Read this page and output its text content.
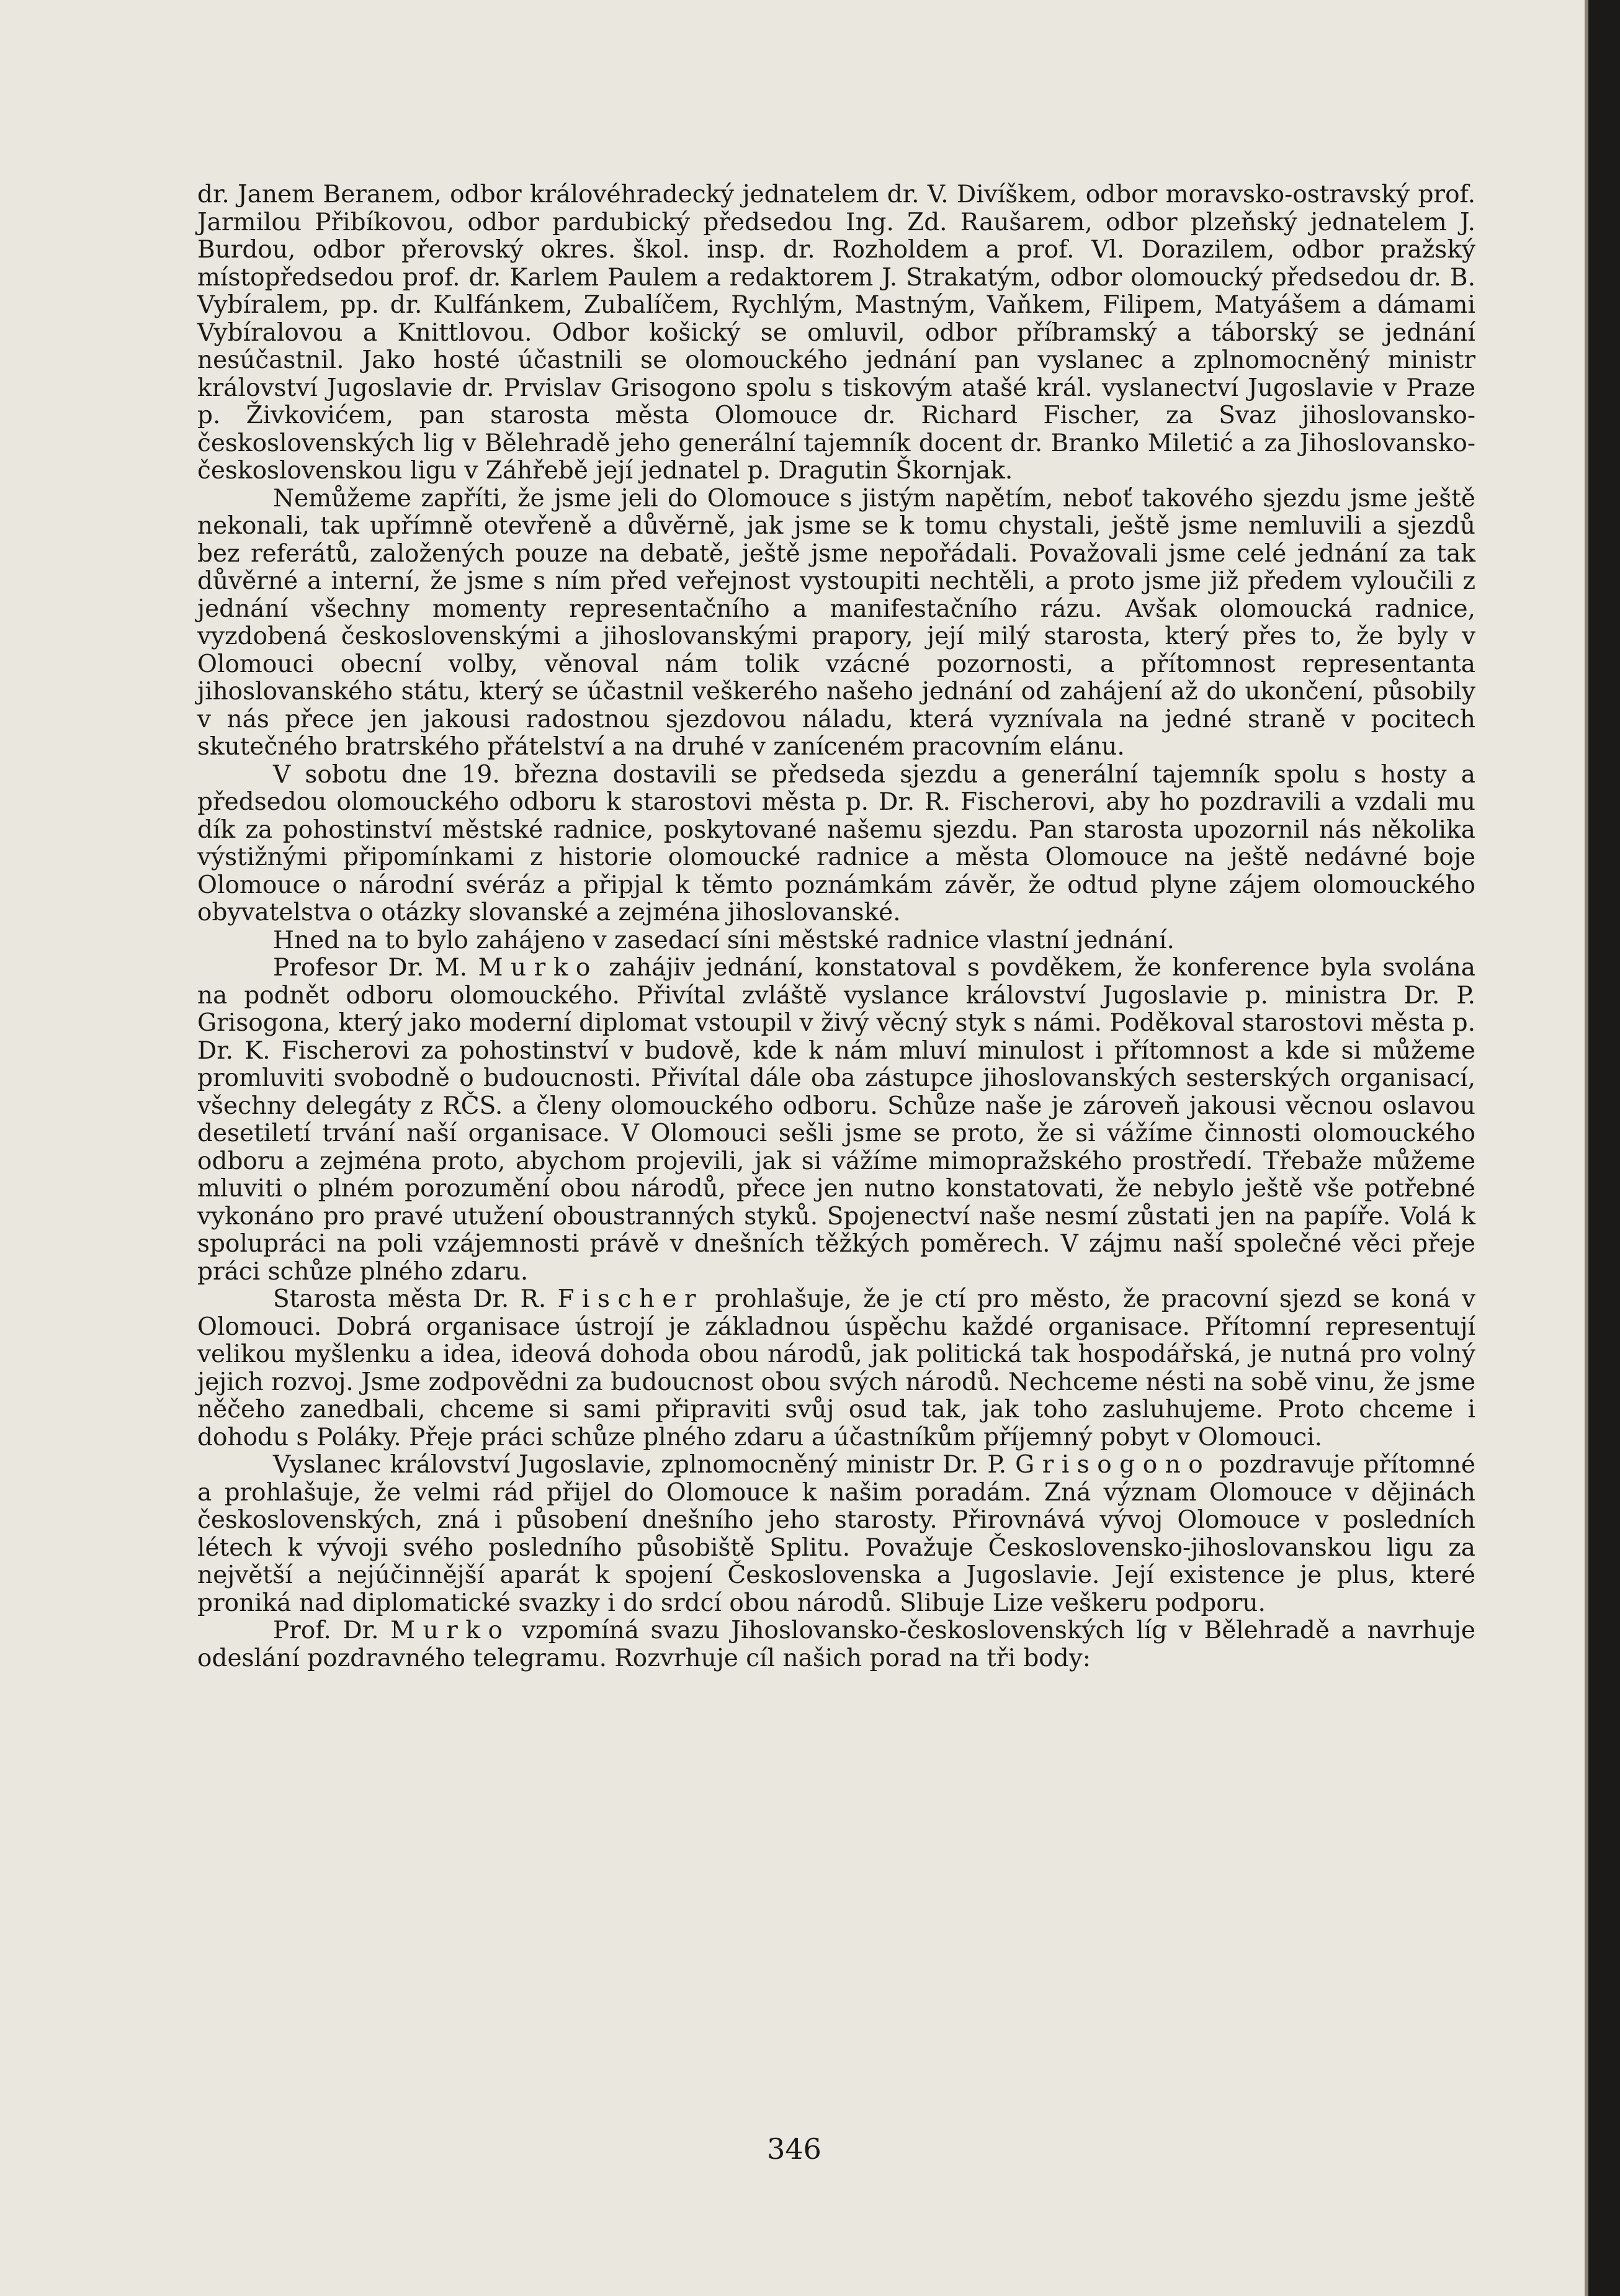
dr. Janem Beranem, odbor královéhradecký jednatelem dr. V. Divíškem, odbor moravsko-ostravský prof. Jarmilou Přibíkovou, odbor pardubický předsedou Ing. Zd. Raušarem, odbor plzeňský jednatelem J. Burdou, odbor přerovský okres. škol. insp. dr. Rozholdem a prof. Vl. Dorazilem, odbor pražský místopředsedou prof. dr. Karlem Paulem a redaktorem J. Strakatým, odbor olomoucký předsedou dr. B. Vybíralem, pp. dr. Kulfánkem, Zubalíčem, Rychlým, Mastným, Vaňkem, Filipem, Matyášem a dámami Vybíralovou a Knittlovou. Odbor košický se omluvil, odbor příbramský a táborský se jednání nesúčastnil. Jako hosté účastnili se olomouckého jednání pan vyslanec a zplnomocněný ministr království Jugoslavie dr. Prvislav Grisogono spolu s tiskovým atašé král. vyslanectví Jugoslavie v Praze p. Živkovićem, pan starosta města Olomouce dr. Richard Fischer, za Svaz jihoslovansko-československých lig v Bělehradě jeho generální tajemník docent dr. Branko Miletić a za Jihoslovansko-československou ligu v Záhřebě její jednatel p. Dragutin Škornjak.

Nemůžeme zapříti, že jsme jeli do Olomouce s jistým napětím, neboť takového sjezdu jsme ještě nekonali, tak upřímně otevřeně a důvěrně, jak jsme se k tomu chystali, ještě jsme nemluvili a sjezdů bez referátů, založených pouze na debatě, ještě jsme nepořádali. Považovali jsme celé jednání za tak důvěrné a interní, že jsme s ním před veřejnost vystoupiti nechtěli, a proto jsme již předem vyloučili z jednání všechny momenty representačního a manifestačního rázu. Avšak olomoucká radnice, vyzdobená československými a jihoslovanskými prapory, její milý starosta, který přes to, že byly v Olomouci obecní volby, věnoval nám tolik vzácné pozornosti, a přítomnost representanta jihoslovanského státu, který se účastnil veškerého našeho jednání od zahájení až do ukončení, působily v nás přece jen jakousi radostnou sjezdovou náladu, která vyznívala na jedné straně v pocitech skutečného bratrského přátelství a na druhé v zaníceném pracovním elánu.

V sobotu dne 19. března dostavili se předseda sjezdu a generální tajemník spolu s hosty a předsedou olomouckého odboru k starostovi města p. Dr. R. Fischerovi, aby ho pozdravili a vzdali mu dík za pohostinství městské radnice, poskytované našemu sjezdu. Pan starosta upozornil nás několika výstižnými připomínkami z historie olomoucké radnice a města Olomouce na ještě nedávné boje Olomouce o národní svéráz a připjal k těmto poznámkám závěr, že odtud plyne zájem olomouckého obyvatelstva o otázky slovanské a zejména jihoslovanské.

Hned na to bylo zahájeno v zasedací síni městské radnice vlastní jednání.

Profesor Dr. M. Murko zahájiv jednání, konstatoval s povděkem, že konference byla svolána na podnět odboru olomouckého. Přivítal zvláště vyslance království Jugoslavie p. ministra Dr. P. Grisogona, který jako moderní diplomat vstoupil v živý věcný styk s námi. Poděkoval starostovi města p. Dr. K. Fischerovi za pohostinství v budově, kde k nám mluví minulost i přítomnost a kde si můžeme promluviti svobodně o budoucnosti. Přivítal dále oba zástupce jihoslovanských sesterských organisací, všechny delegáty z RČS. a členy olomouckého odboru. Schůze naše je zároveň jakousi věcnou oslavou desetiletí trvání naší organisace. V Olomouci sešli jsme se proto, že si vážíme činnosti olomouckého odboru a zejména proto, abychom projevili, jak si vážíme mimopražského prostředí. Třebaže můžeme mluviti o plném porozumění obou národů, přece jen nutno konstatovati, že nebylo ještě vše potřebné vykonáno pro pravé utužení oboustranných styků. Spojenectví naše nesmí zůstati jen na papíře. Volá k spolupráci na poli vzájemnosti právě v dnešních těžkých poměrech. V zájmu naší společné věci přeje práci schůze plného zdaru.

Starosta města Dr. R. Fischer prohlašuje, že je ctí pro město, že pracovní sjezd se koná v Olomouci. Dobrá organisace ústrojí je základnou úspěchu každé organisace. Přítomní representují velikou myšlenku a idea, ideová dohoda obou národů, jak politická tak hospodářská, je nutná pro volný jejich rozvoj. Jsme zodpovědni za budoucnost obou svých národů. Nechceme nésti na sobě vinu, že jsme něčeho zanedbali, chceme si sami připraviti svůj osud tak, jak toho zasluhujeme. Proto chceme i dohodu s Poláky. Přeje práci schůze plného zdaru a účastníkům příjemný pobyt v Olomouci.

Vyslanec království Jugoslavie, zplnomocněný ministr Dr. P. Grisogono pozdravuje přítomné a prohlašuje, že velmi rád přijel do Olomouce k našim poradám. Zná význam Olomouce v dějinách československých, zná i působení dnešního jeho starosty. Přirovnává vývoj Olomouce v posledních létech k vývoji svého posledního působiště Splitu. Považuje Československo-jihoslovanskou ligu za největší a nejúčinnější aparát k spojení Československa a Jugoslavie. Její existence je plus, které proniká nad diplomatické svazky i do srdcí obou národů. Slibuje Lize veškeru podporu.

Prof. Dr. Murko vzpomíná svazu Jihoslovansko-československých líg v Bělehradě a navrhuje odeslání pozdravného telegramu. Rozvrhuje cíl našich porad na tři body:

346
